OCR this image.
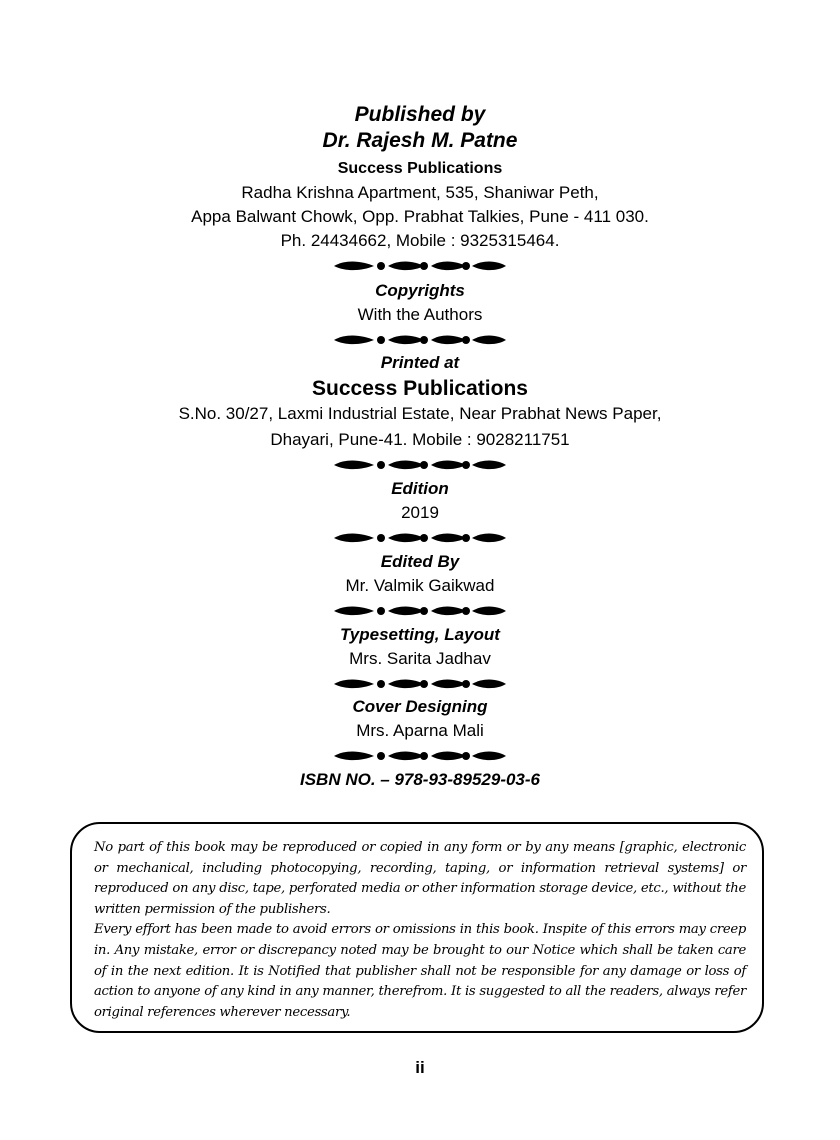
Published by
Dr. Rajesh M. Patne
Success Publications
Radha Krishna Apartment, 535, Shaniwar Peth,
Appa Balwant Chowk, Opp. Prabhat Talkies, Pune - 411 030.
Ph. 24434662, Mobile : 9325315464.
Copyrights
With the Authors
Printed at
Success Publications
S.No. 30/27, Laxmi Industrial Estate, Near Prabhat News Paper,
Dhayari, Pune-41. Mobile : 9028211751
Edition
2019
Edited By
Mr. Valmik Gaikwad
Typesetting, Layout
Mrs. Sarita Jadhav
Cover Designing
Mrs. Aparna Mali
ISBN NO. – 978-93-89529-03-6

No part of this book may be reproduced or copied in any form or by any means [graphic, electronic or mechanical, including photocopying, recording, taping, or information retrieval systems] or reproduced on any disc, tape, perforated media or other information storage device, etc., without the written permission of the publishers.

Every effort has been made to avoid errors or omissions in this book. Inspite of this errors may creep in. Any mistake, error or discrepancy noted may be brought to our Notice which shall be taken care of in the next edition. It is Notified that publisher shall not be responsible for any damage or loss of action to anyone of any kind in any manner, therefrom. It is suggested to all the readers, always refer original references wherever necessary.

ii
